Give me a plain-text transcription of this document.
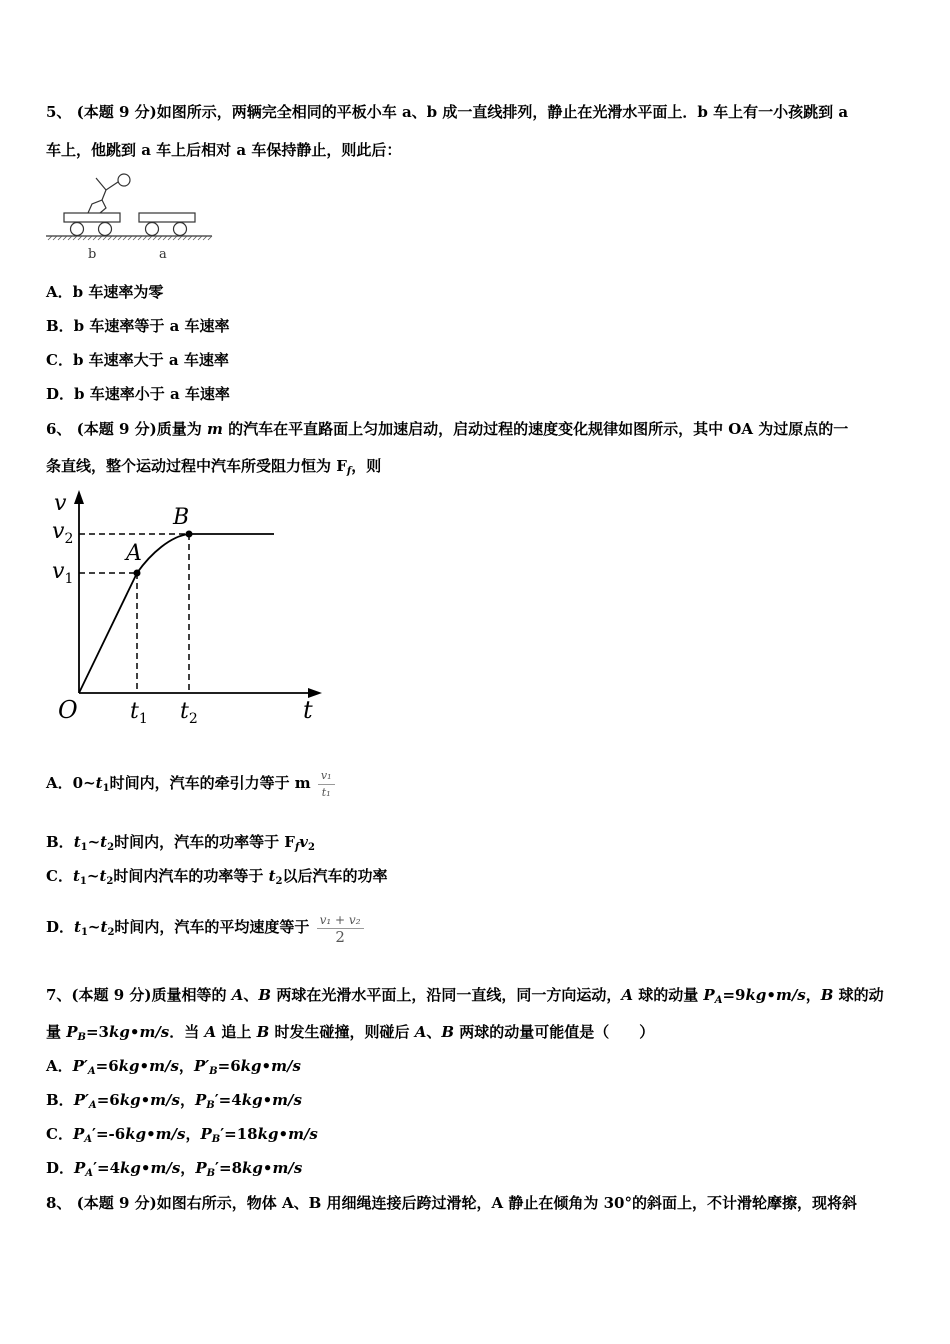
5、 (本题 9 分)如图所示，两辆完全相同的平板小车 a、b 成一直线排列，静止在光滑水平面上．b 车上有一小孩跳到 a
车上，他跳到 a 车上后相对 a 车保持静止，则此后：
b	a
A．b 车速率为零
B．b 车速率等于 a 车速率
C．b 车速率大于 a 车速率
D．b 车速率小于 a 车速率
6、 (本题 9 分)质量为 m 的汽车在平直路面上匀加速启动，启动过程的速度变化规律如图所示，其中 OA 为过原点的一
条直线，整个运动过程中汽车所受阻力恒为 $F_f$，则
v
$v_2$
$v_1$
A
B
O $t_1$ $t_2$	t
A．$0\sim t_1$时间内，汽车的牵引力等于 m $\frac{\text{v₁}}{\text{t₁}}$
B．$t_1\sim t_2$时间内，汽车的功率等于 $F_fv_2$
C．$t_1\sim t_2$时间内汽车的功率等于 $t_2$以后汽车的功率
D．$t_1\sim t_2$时间内，汽车的平均速度等于 $\frac{\text{v₁ + v₂}}{2}$
7、(本题 9 分)质量相等的 A、B 两球在光滑水平面上，沿同一直线，同一方向运动，A 球的动量 $P_A=9kg•m/s$，B 球的动
量 $P_B=3kg•m/s$．当 A 追上 B 时发生碰撞，则碰后 A、B 两球的动量可能值是（　　）
A．$P'_A=6kg•m/s$，$P'_B=6kg•m/s$
B．$P'_A=6kg•m/s$，$P_B'=4kg•m/s$
C．$P_A'=-6kg•m/s$，$P_B'=18kg•m/s$
D．$P_A'=4kg•m/s$，$P_B'=8kg•m/s$
8、 (本题 9 分)如图右所示，物体 A、B 用细绳连接后跨过滑轮，A 静止在倾角为 30°的斜面上，不计滑轮摩擦，现将斜
